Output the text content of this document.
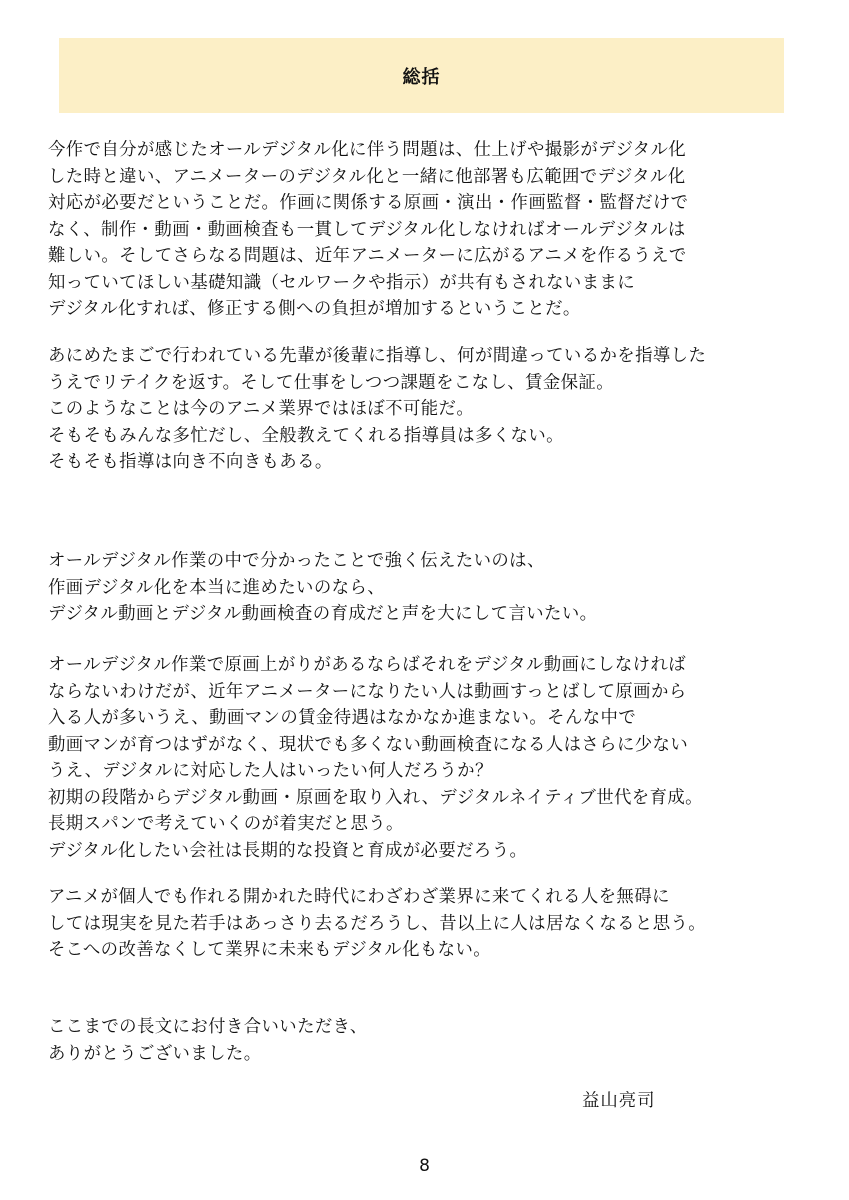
総括
今作で自分が感じたオールデジタル化に伴う問題は、仕上げや撮影がデジタル化
した時と違い、アニメーターのデジタル化と一緒に他部署も広範囲でデジタル化
対応が必要だということだ。作画に関係する原画・演出・作画監督・監督だけで
なく、制作・動画・動画検査も一貫してデジタル化しなければオールデジタルは
難しい。そしてさらなる問題は、近年アニメーターに広がるアニメを作るうえで
知っていてほしい基礎知識（セルワークや指示）が共有もされないままに
デジタル化すれば、修正する側への負担が増加するということだ。
あにめたまごで行われている先輩が後輩に指導し、何が間違っているかを指導した
うえでリテイクを返す。そして仕事をしつつ課題をこなし、賃金保証。
このようなことは今のアニメ業界ではほぼ不可能だ。
そもそもみんな多忙だし、全般教えてくれる指導員は多くない。
そもそも指導は向き不向きもある。
オールデジタル作業の中で分かったことで強く伝えたいのは、
作画デジタル化を本当に進めたいのなら、
デジタル動画とデジタル動画検査の育成だと声を大にして言いたい。
オールデジタル作業で原画上がりがあるならばそれをデジタル動画にしなければ
ならないわけだが、近年アニメーターになりたい人は動画すっとばして原画から
入る人が多いうえ、動画マンの賃金待遇はなかなか進まない。そんな中で
動画マンが育つはずがなく、現状でも多くない動画検査になる人はさらに少ない
うえ、デジタルに対応した人はいったい何人だろうか？
初期の段階からデジタル動画・原画を取り入れ、デジタルネイティブ世代を育成。
長期スパンで考えていくのが着実だと思う。
デジタル化したい会社は長期的な投資と育成が必要だろう。
アニメが個人でも作れる開かれた時代にわざわざ業界に来てくれる人を無碍に
しては現実を見た若手はあっさり去るだろうし、昔以上に人は居なくなると思う。
そこへの改善なくして業界に未来もデジタル化もない。
ここまでの長文にお付き合いいただき、
ありがとうございました。
益山亮司
8
